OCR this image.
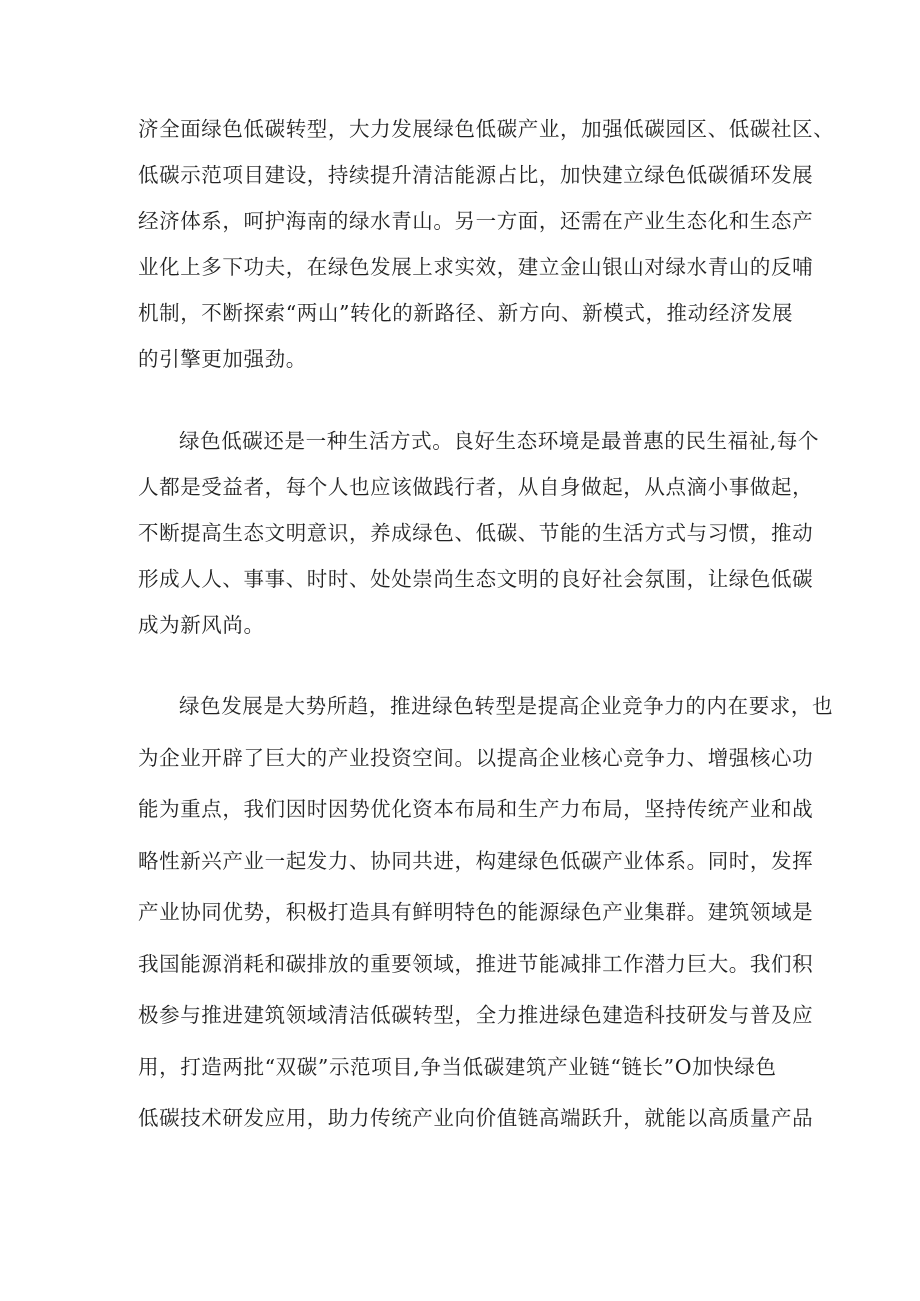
济全面绿色低碳转型，大力发展绿色低碳产业，加强低碳园区、低碳社区、
低碳示范项目建设，持续提升清洁能源占比，加快建立绿色低碳循环发展
经济体系，呵护海南的绿水青山。另一方面，还需在产业生态化和生态产
业化上多下功夫，在绿色发展上求实效，建立金山银山对绿水青山的反哺
机制，不断探索“两山”转化的新路径、新方向、新模式，推动经济发展
的引擎更加强劲。
绿色低碳还是一种生活方式。良好生态环境是最普惠的民生福祉,每个
人都是受益者，每个人也应该做践行者，从自身做起，从点滴小事做起，
不断提高生态文明意识，养成绿色、低碳、节能的生活方式与习惯，推动
形成人人、事事、时时、处处崇尚生态文明的良好社会氛围，让绿色低碳
成为新风尚。
绿色发展是大势所趋，推进绿色转型是提高企业竞争力的内在要求，也
为企业开辟了巨大的产业投资空间。以提高企业核心竞争力、增强核心功
能为重点，我们因时因势优化资本布局和生产力布局，坚持传统产业和战
略性新兴产业一起发力、协同共进，构建绿色低碳产业体系。同时，发挥
产业协同优势，积极打造具有鲜明特色的能源绿色产业集群。建筑领域是
我国能源消耗和碳排放的重要领域，推进节能减排工作潜力巨大。我们积
极参与推进建筑领域清洁低碳转型，全力推进绿色建造科技研发与普及应
用，打造两批“双碳”示范项目,争当低碳建筑产业链“链长”O加快绿色
低碳技术研发应用，助力传统产业向价值链高端跃升，就能以高质量产品
